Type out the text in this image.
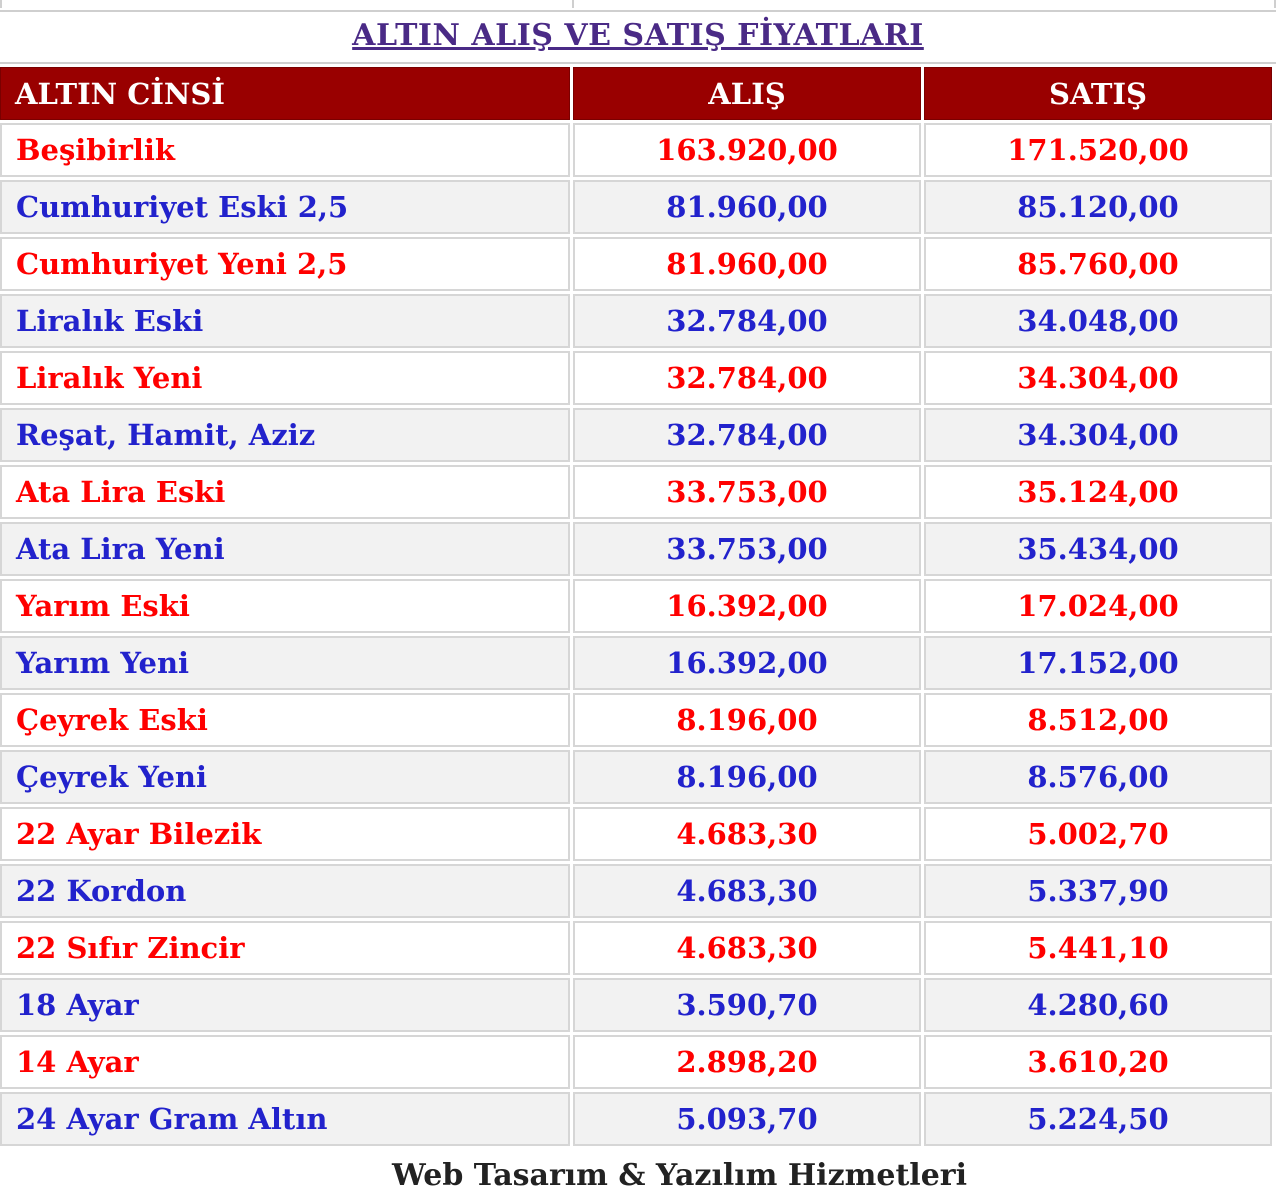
ALTIN ALIŞ VE SATIŞ FİYATLARI
ALTIN CİNSİ	ALIŞ	SATIŞ
Beşibirlik	163.920,00	171.520,00
Cumhuriyet Eski 2,5	81.960,00	85.120,00
Cumhuriyet Yeni 2,5	81.960,00	85.760,00
Liralık Eski	32.784,00	34.048,00
Liralık Yeni	32.784,00	34.304,00
Reşat, Hamit, Aziz	32.784,00	34.304,00
Ata Lira Eski	33.753,00	35.124,00
Ata Lira Yeni	33.753,00	35.434,00
Yarım Eski	16.392,00	17.024,00
Yarım Yeni	16.392,00	17.152,00
Çeyrek Eski	8.196,00	8.512,00
Çeyrek Yeni	8.196,00	8.576,00
22 Ayar Bilezik	4.683,30	5.002,70
22 Kordon	4.683,30	5.337,90
22 Sıfır Zincir	4.683,30	5.441,10
18 Ayar	3.590,70	4.280,60
14 Ayar	2.898,20	3.610,20
24 Ayar Gram Altın	5.093,70	5.224,50
Web Tasarım & Yazılım Hizmetleri
